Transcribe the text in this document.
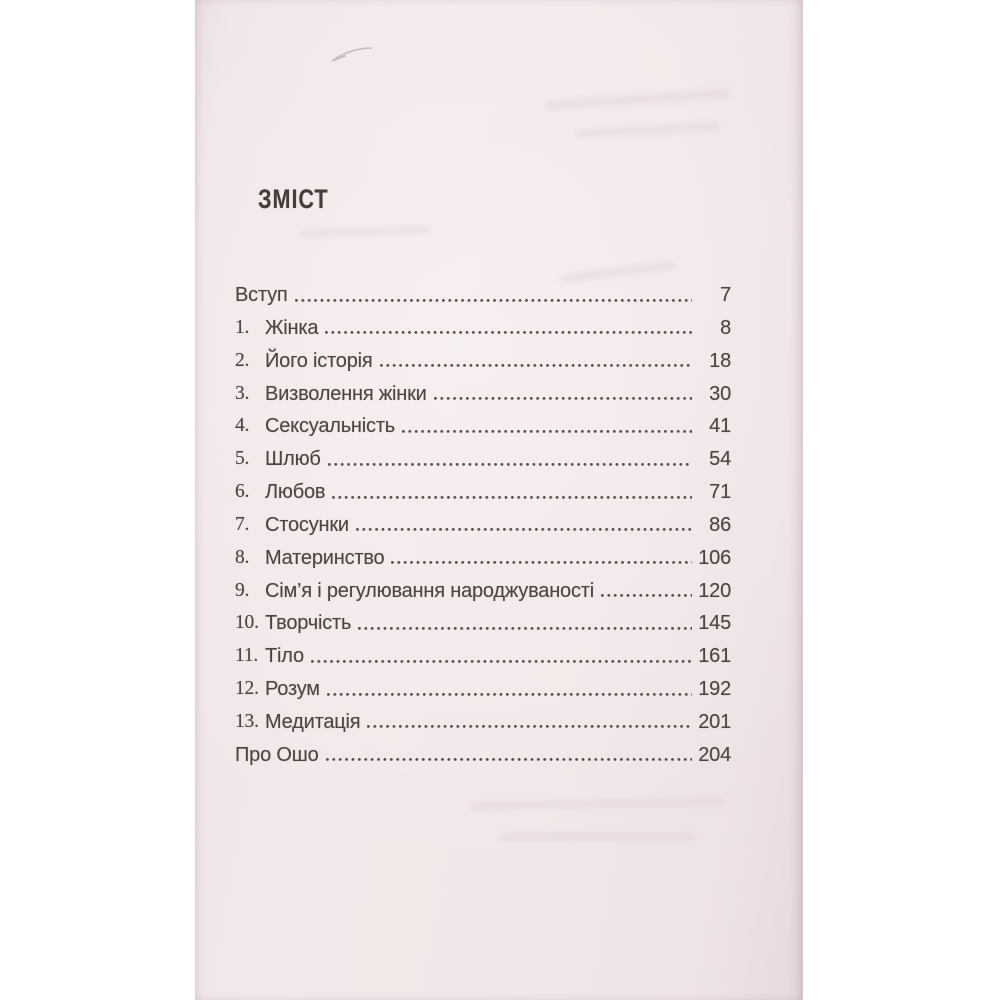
ЗМІСТ
Вступ	7
1. Жінка	8
2. Його історія	18
3. Визволення жінки	30
4. Сексуальність	41
5. Шлюб	54
6. Любов	71
7. Стосунки	86
8. Материнство	106
9. Сім’я і регулювання народжуваності	120
10. Творчість	145
11. Тіло	161
12. Розум	192
13. Медитація	201
Про Ошо	204
